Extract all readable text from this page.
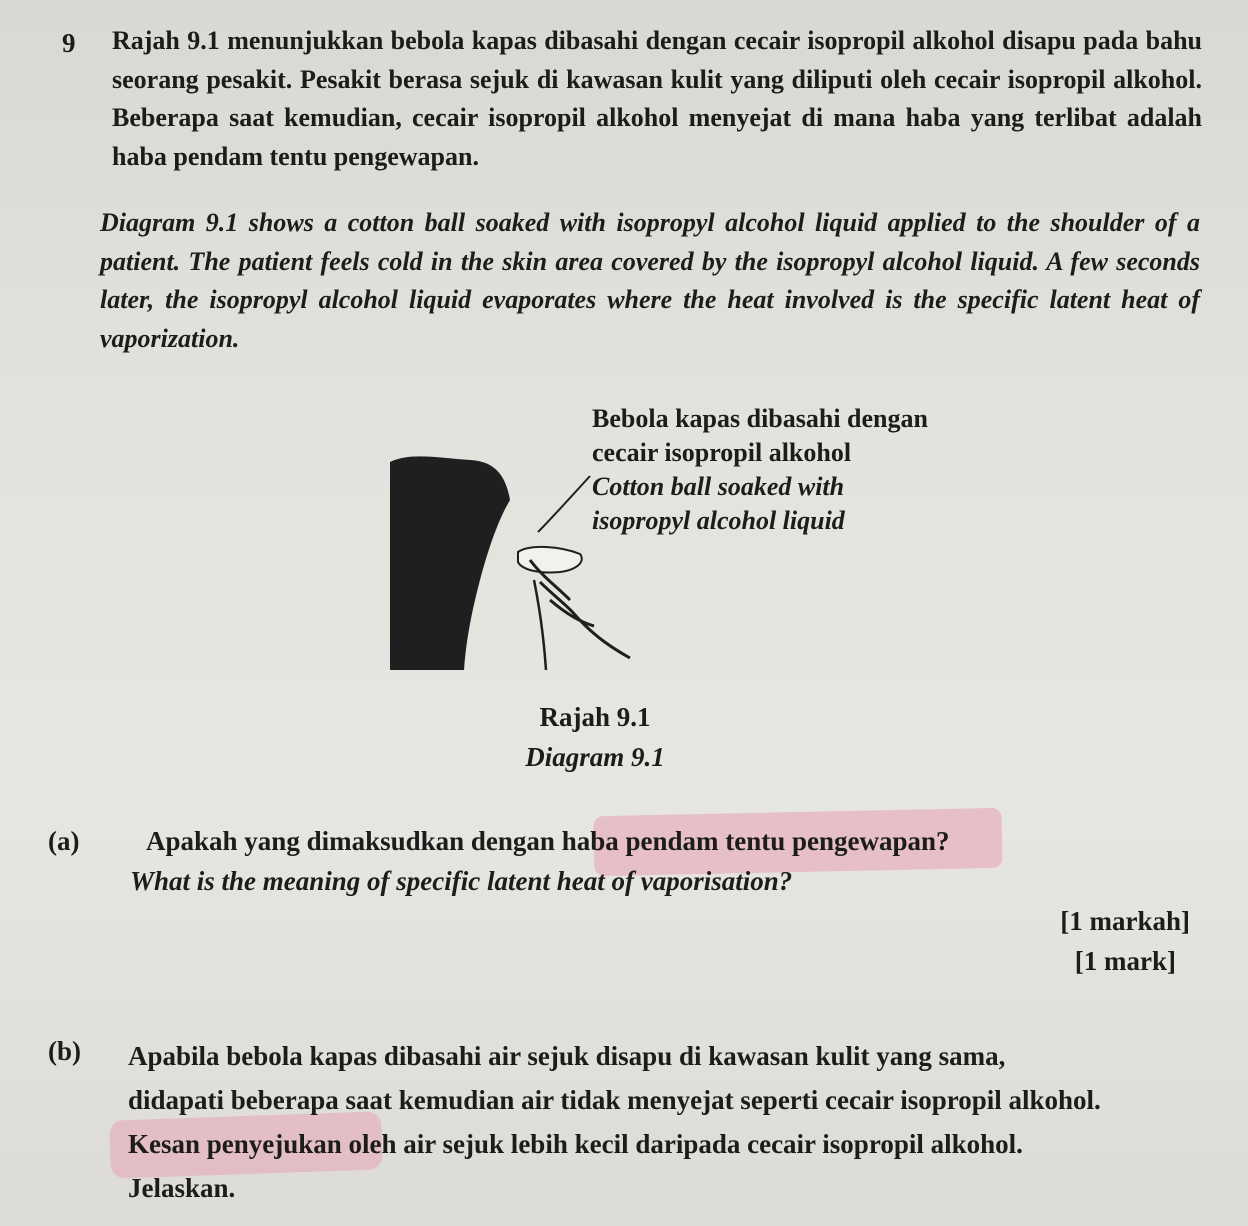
9 Rajah 9.1 menunjukkan bebola kapas dibasahi dengan cecair isopropil alkohol disapu pada bahu seorang pesakit. Pesakit berasa sejuk di kawasan kulit yang diliputi oleh cecair isopropil alkohol. Beberapa saat kemudian, cecair isopropil alkohol menyejat di mana haba yang terlibat adalah haba pendam tentu pengewapan.

Diagram 9.1 shows a cotton ball soaked with isopropyl alcohol liquid applied to the shoulder of a patient. The patient feels cold in the skin area covered by the isopropyl alcohol liquid. A few seconds later, the isopropyl alcohol liquid evaporates where the heat involved is the specific latent heat of vaporization.

Bebola kapas dibasahi dengan
cecair isopropil alkohol
Cotton ball soaked with
isopropyl alcohol liquid
Rajah 9.1
Diagram 9.1
(a) Apakah yang dimaksudkan dengan haba pendam tentu pengewapan?
What is the meaning of specific latent heat of vaporisation?
[1 markah]
[1 mark]
(b) Apabila bebola kapas dibasahi air sejuk disapu di kawasan kulit yang sama,
didapati beberapa saat kemudian air tidak menyejat seperti cecair isopropil alkohol.
Kesan penyejukan oleh air sejuk lebih kecil daripada cecair isopropil alkohol.
Jelaskan.
